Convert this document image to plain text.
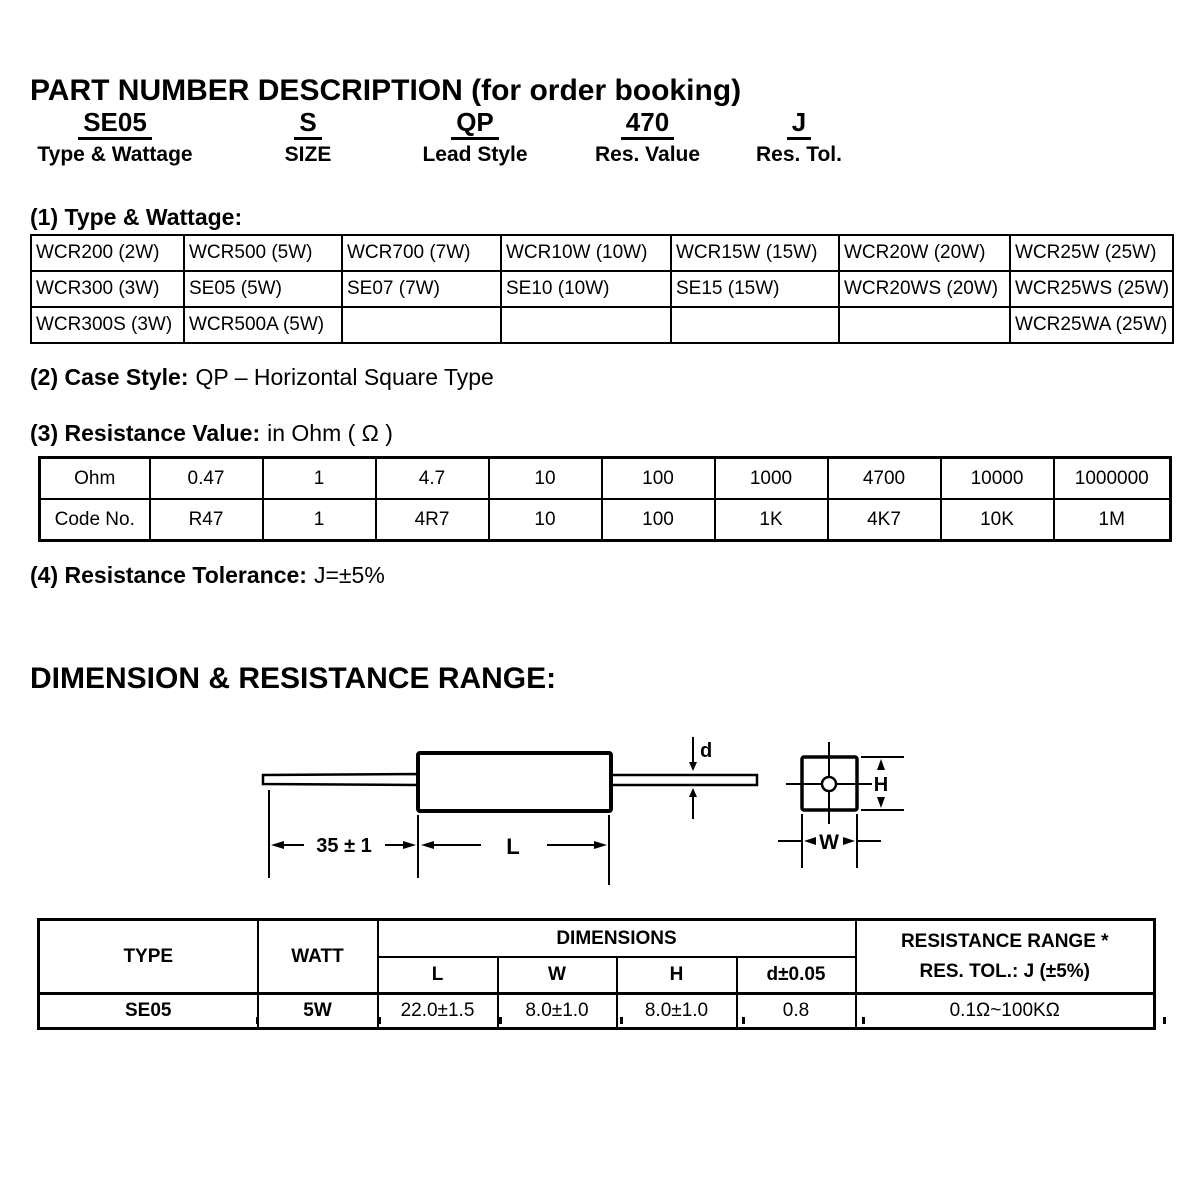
PART NUMBER DESCRIPTION (for order booking)
SE05
Type & Wattage
S
SIZE
QP
Lead Style
470
Res. Value
J
Res. Tol.
(1) Type & Wattage:
WCR200 (2W)	WCR500 (5W)	WCR700 (7W)	WCR10W (10W)	WCR15W (15W)	WCR20W (20W)	WCR25W (25W)
WCR300 (3W)	SE05 (5W)	SE07 (7W)	SE10 (10W)	SE15 (15W)	WCR20WS (20W)	WCR25WS (25W)
WCR300S (3W)	WCR500A (5W)					WCR25WA (25W)
(2) Case Style: QP – Horizontal Square Type
(3) Resistance Value: in Ohm ( Ω )
Ohm	0.47	1	4.7	10	100	1000	4700	10000	1000000
Code No.	R47	1	4R7	10	100	1K	4K7	10K	1M
(4) Resistance Tolerance: J=±5%
DIMENSION & RESISTANCE RANGE:
35 ± 1	L
d
H
W
TYPE	WATT	DIMENSIONS				RESISTANCE RANGE *
RES. TOL.: J (±5%)

		L	W	H	d±0.05	
SE05	5W	22.0±1.5	8.0±1.0	8.0±1.0	0.8	0.1Ω~100KΩ
